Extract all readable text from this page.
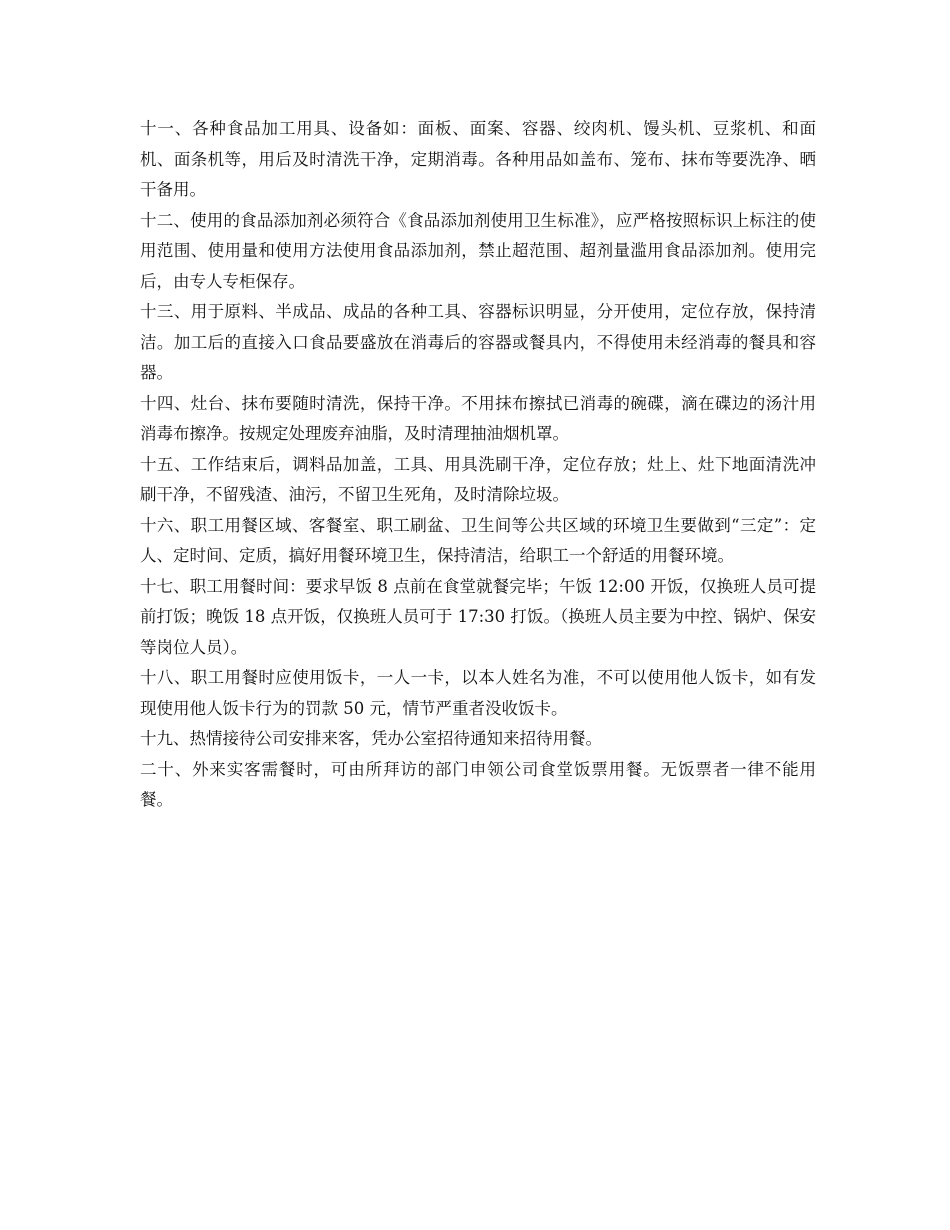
十一、各种食品加工用具、设备如：面板、面案、容器、绞肉机、馒头机、豆浆机、和面机、面条机等，用后及时清洗干净，定期消毒。各种用品如盖布、笼布、抹布等要洗净、晒干备用。

十二、使用的食品添加剂必须符合《食品添加剂使用卫生标准》，应严格按照标识上标注的使用范围、使用量和使用方法使用食品添加剂，禁止超范围、超剂量滥用食品添加剂。使用完后，由专人专柜保存。

十三、用于原料、半成品、成品的各种工具、容器标识明显，分开使用，定位存放，保持清洁。加工后的直接入口食品要盛放在消毒后的容器或餐具内，不得使用未经消毒的餐具和容器。

十四、灶台、抹布要随时清洗，保持干净。不用抹布擦拭已消毒的碗碟，滴在碟边的汤汁用消毒布擦净。按规定处理废弃油脂，及时清理抽油烟机罩。

十五、工作结束后，调料品加盖，工具、用具洗刷干净，定位存放；灶上、灶下地面清洗冲刷干净，不留残渣、油污，不留卫生死角，及时清除垃圾。

十六、职工用餐区域、客餐室、职工刷盆、卫生间等公共区域的环境卫生要做到“三定”：定人、定时间、定质，搞好用餐环境卫生，保持清洁，给职工一个舒适的用餐环境。

十七、职工用餐时间：要求早饭 8 点前在食堂就餐完毕；午饭 12:00 开饭，仅换班人员可提前打饭；晚饭 18 点开饭，仅换班人员可于 17:30 打饭。（换班人员主要为中控、锅炉、保安等岗位人员）。

十八、职工用餐时应使用饭卡，一人一卡，以本人姓名为准，不可以使用他人饭卡，如有发现使用他人饭卡行为的罚款 50 元，情节严重者没收饭卡。

十九、热情接待公司安排来客，凭办公室招待通知来招待用餐。

二十、外来实客需餐时，可由所拜访的部门申领公司食堂饭票用餐。无饭票者一律不能用餐。
